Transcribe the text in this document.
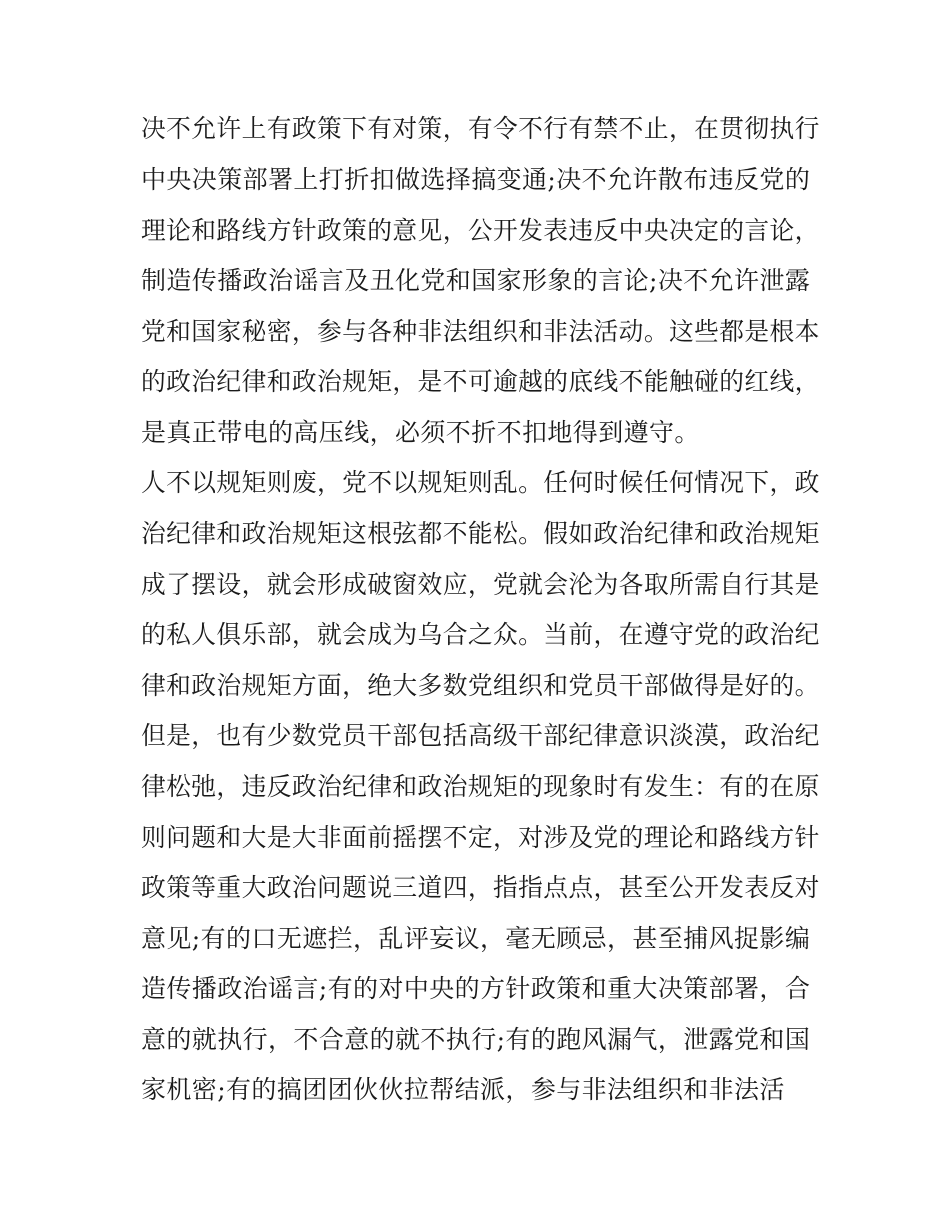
决不允许上有政策下有对策，有令不行有禁不止，在贯彻执行
中央决策部署上打折扣做选择搞变通;决不允许散布违反党的
理论和路线方针政策的意见，公开发表违反中央决定的言论，
制造传播政治谣言及丑化党和国家形象的言论;决不允许泄露
党和国家秘密，参与各种非法组织和非法活动。这些都是根本
的政治纪律和政治规矩，是不可逾越的底线不能触碰的红线，
是真正带电的高压线，必须不折不扣地得到遵守。
人不以规矩则废，党不以规矩则乱。任何时候任何情况下，政
治纪律和政治规矩这根弦都不能松。假如政治纪律和政治规矩
成了摆设，就会形成破窗效应，党就会沦为各取所需自行其是
的私人俱乐部，就会成为乌合之众。当前，在遵守党的政治纪
律和政治规矩方面，绝大多数党组织和党员干部做得是好的。
但是，也有少数党员干部包括高级干部纪律意识淡漠，政治纪
律松弛，违反政治纪律和政治规矩的现象时有发生：有的在原
则问题和大是大非面前摇摆不定，对涉及党的理论和路线方针
政策等重大政治问题说三道四，指指点点，甚至公开发表反对
意见;有的口无遮拦，乱评妄议，毫无顾忌，甚至捕风捉影编
造传播政治谣言;有的对中央的方针政策和重大决策部署，合
意的就执行，不合意的就不执行;有的跑风漏气，泄露党和国
家机密;有的搞团团伙伙拉帮结派，参与非法组织和非法活
